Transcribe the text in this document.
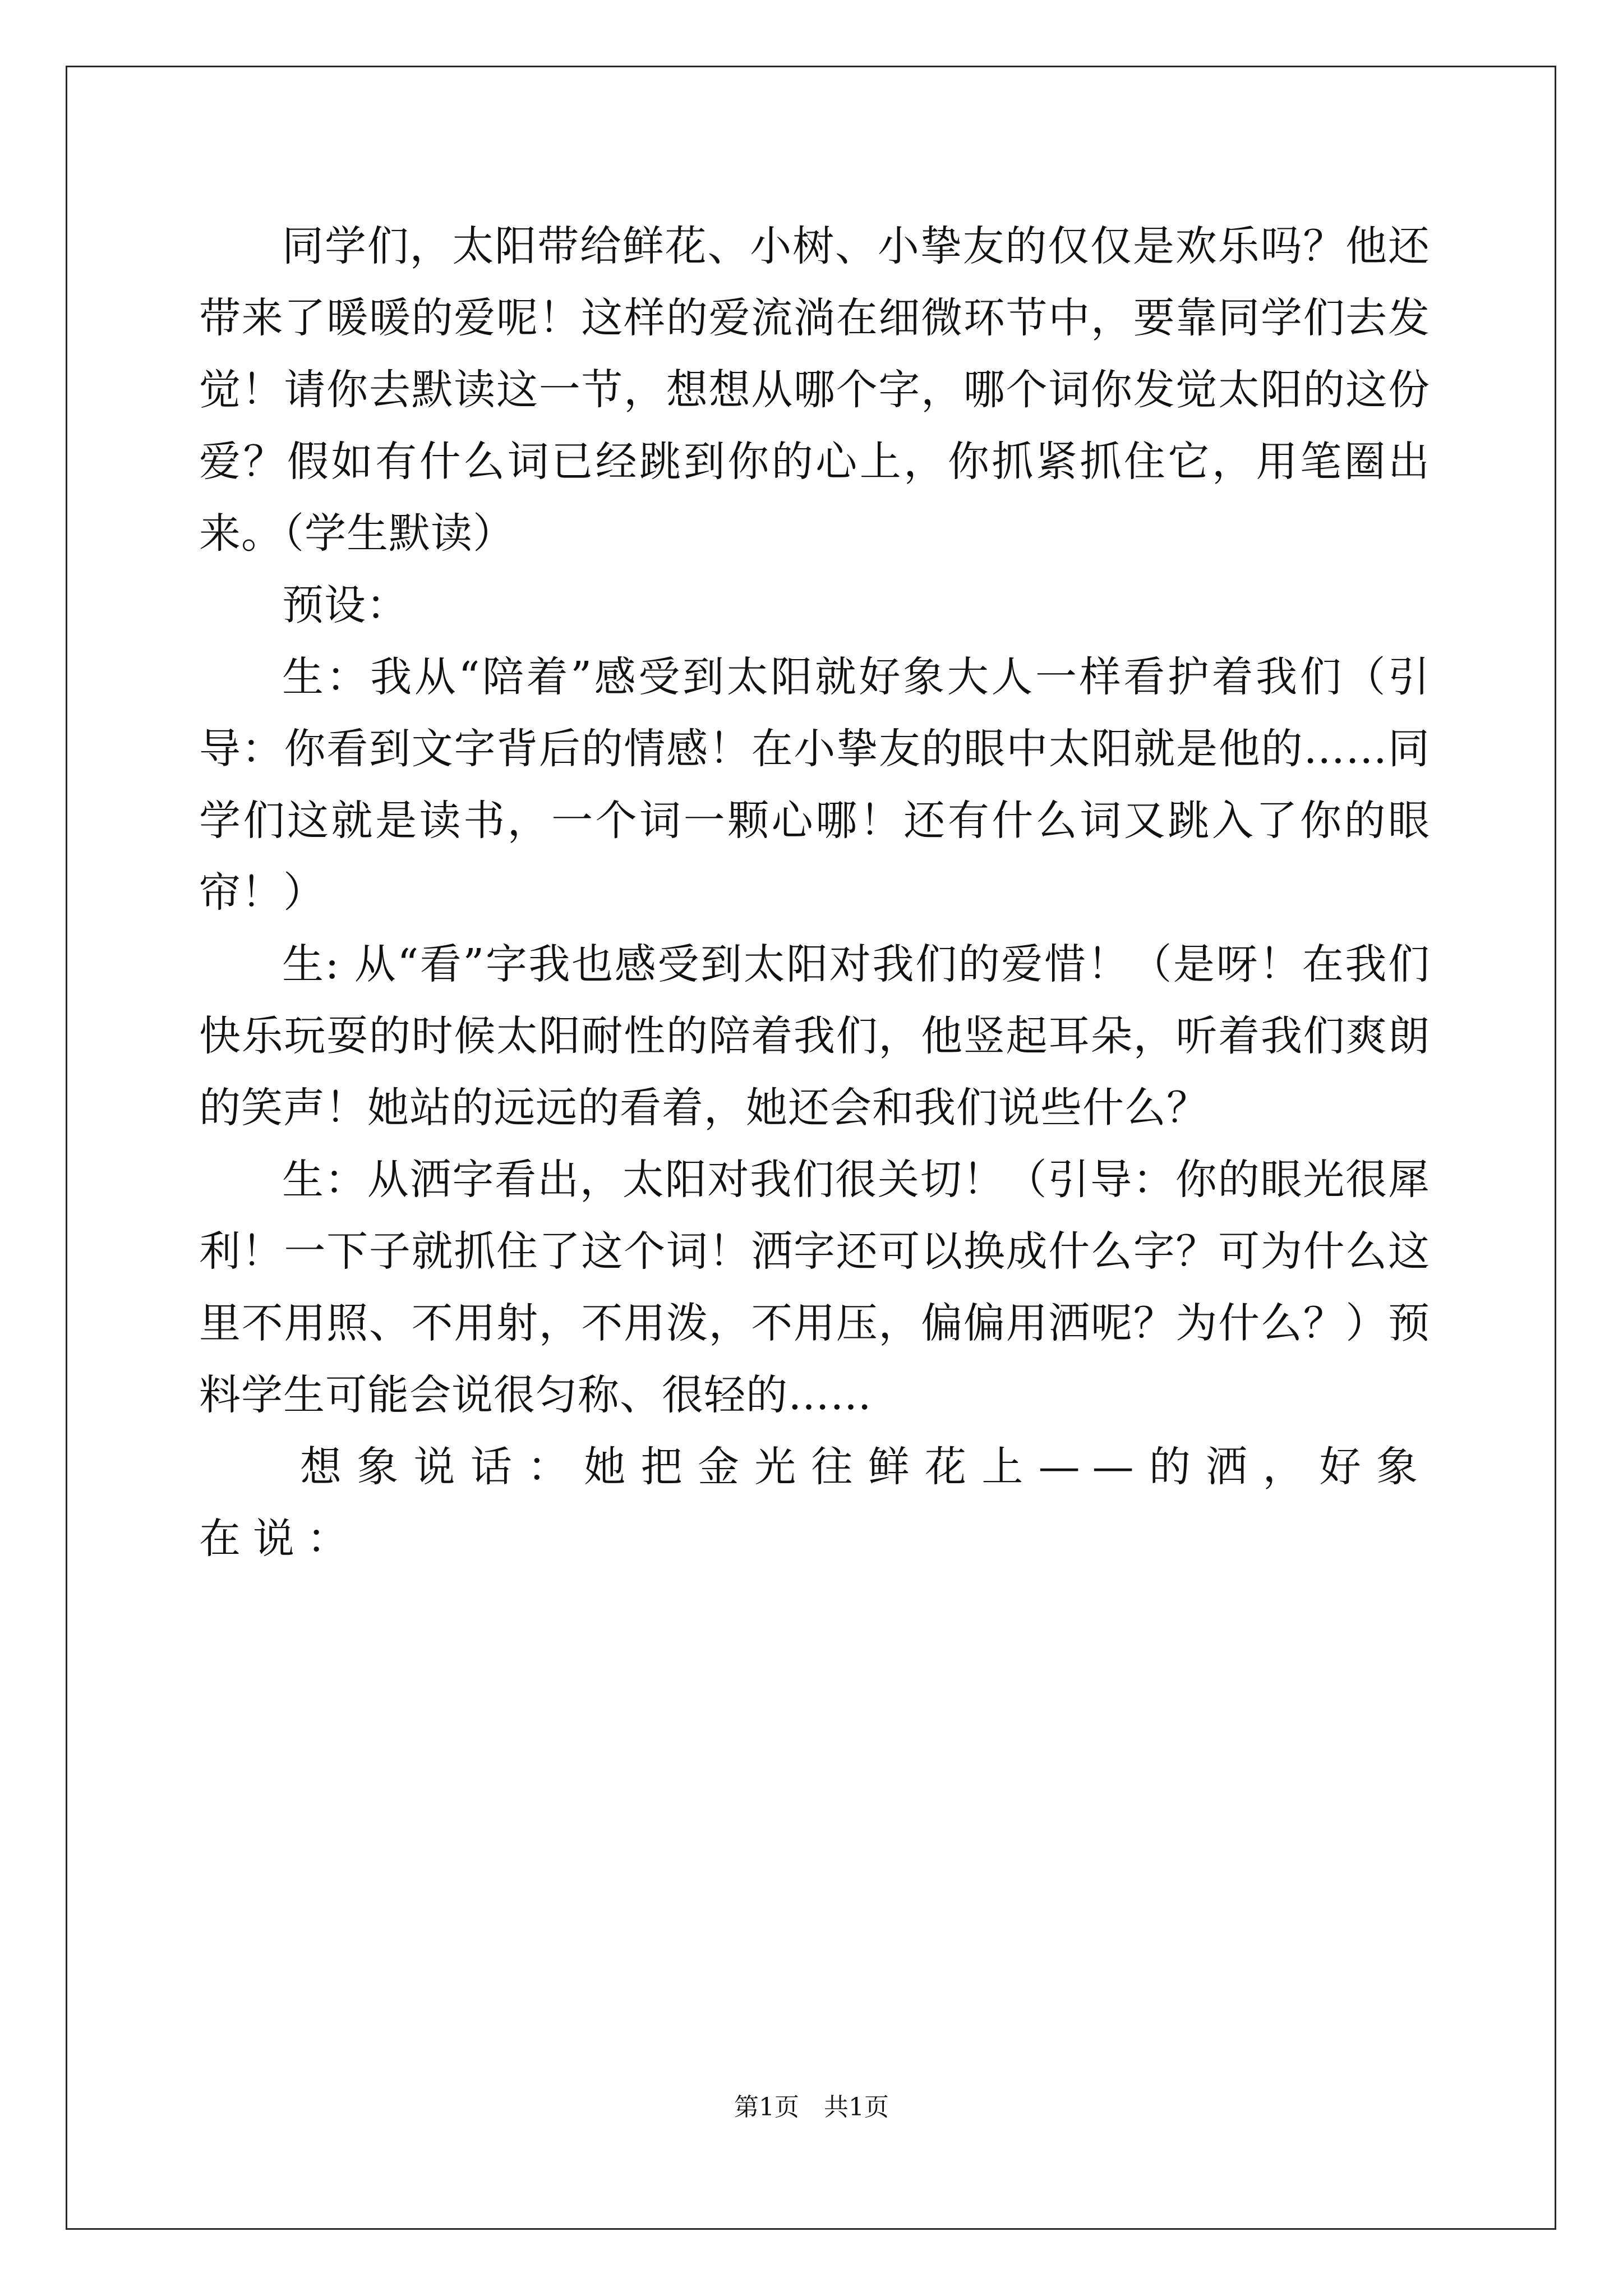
同学们，太阳带给鲜花、小树、小挚友的仅仅是欢乐吗？他还带来了暖暖的爱呢！这样的爱流淌在细微环节中，要靠同学们去发觉！请你去默读这一节，想想从哪个字，哪个词你发觉太阳的这份爱？假如有什么词已经跳到你的心上，你抓紧抓住它，用笔圈出来。（学生默读）

预设：

生：我从“陪着”感受到太阳就好象大人一样看护着我们（引导：你看到文字背后的情感！在小挚友的眼中太阳就是他的……同学们这就是读书，一个词一颗心哪！还有什么词又跳入了你的眼帘！）

生: 从“看”字我也感受到太阳对我们的爱惜！（是呀！在我们快乐玩耍的时候太阳耐性的陪着我们，他竖起耳朵，听着我们爽朗的笑声！她站的远远的看着，她还会和我们说些什么？

生：从洒字看出，太阳对我们很关切！（引导：你的眼光很犀利！一下子就抓住了这个词！洒字还可以换成什么字？可为什么这里不用照、不用射，不用泼，不用压，偏偏用洒呢？为什么？）预料学生可能会说很匀称、很轻的……

想象说话：她把金光往鲜花上——的洒，好象在说：

第1页　共1页
